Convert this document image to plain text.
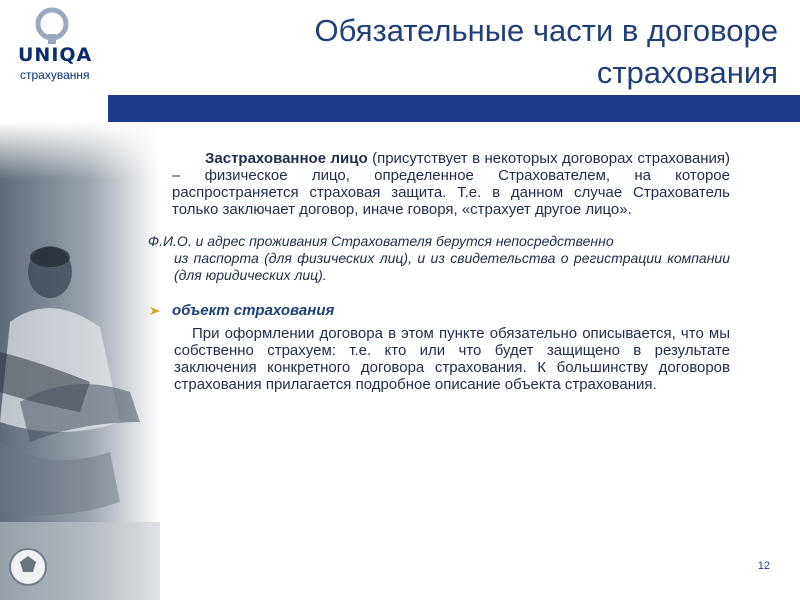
UNIQA
страхування
Обязательные части в договоре страхования

Застрахованное лицо (присутствует в некоторых договорах страхования) – физическое лицо, определенное Страхователем, на которое распространяется страховая защита. Т.е. в данном случае Страхователь только заключает договор, иначе говоря, «страхует другое лицо».

Ф.И.О. и адрес проживания Страхователя берутся непосредственно
из паспорта (для физических лиц), и из свидетельства о регистрации компании (для юридических лиц).

объект страхования

При оформлении договора в этом пункте обязательно описывается, что мы собственно страхуем: т.е. кто или что будет защищено в результате заключения конкретного договора страхования. К большинству договоров страхования прилагается подробное описание объекта страхования.

12
